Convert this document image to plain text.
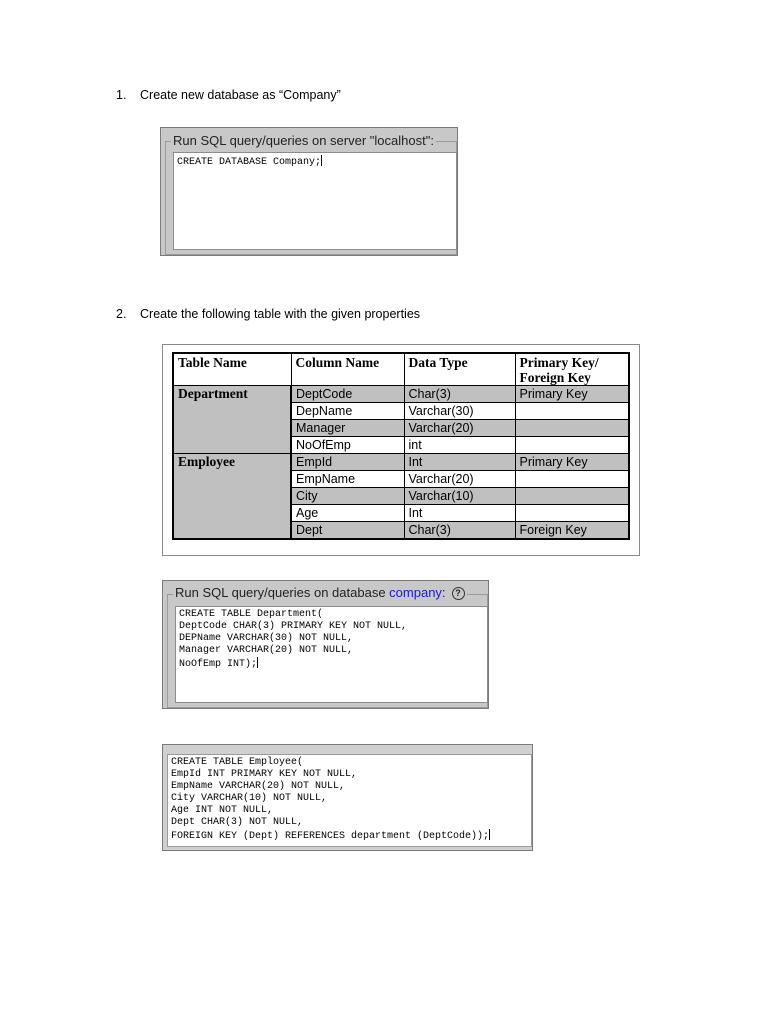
1. Create new database as “Company”
Run SQL query/queries on server "localhost":
CREATE DATABASE Company;
2. Create the following table with the given properties
Table Name	Column Name	Data Type	Primary Key/ Foreign Key
Department	DeptCode	Char(3)	Primary Key
	DepName	Varchar(30)	
	Manager	Varchar(20)	
	NoOfEmp	int	
Employee	EmpId	Int	Primary Key
	EmpName	Varchar(20)	
	City	Varchar(10)	
	Age	Int	
	Dept	Char(3)	Foreign Key
Run SQL query/queries on database company: ?
CREATE TABLE Department(
DeptCode CHAR(3) PRIMARY KEY NOT NULL,
DEPName VARCHAR(30) NOT NULL,
Manager VARCHAR(20) NOT NULL,
NoOfEmp INT);
CREATE TABLE Employee(
EmpId INT PRIMARY KEY NOT NULL,
EmpName VARCHAR(20) NOT NULL,
City VARCHAR(10) NOT NULL,
Age INT NOT NULL,
Dept CHAR(3) NOT NULL,
FOREIGN KEY (Dept) REFERENCES department (DeptCode));
